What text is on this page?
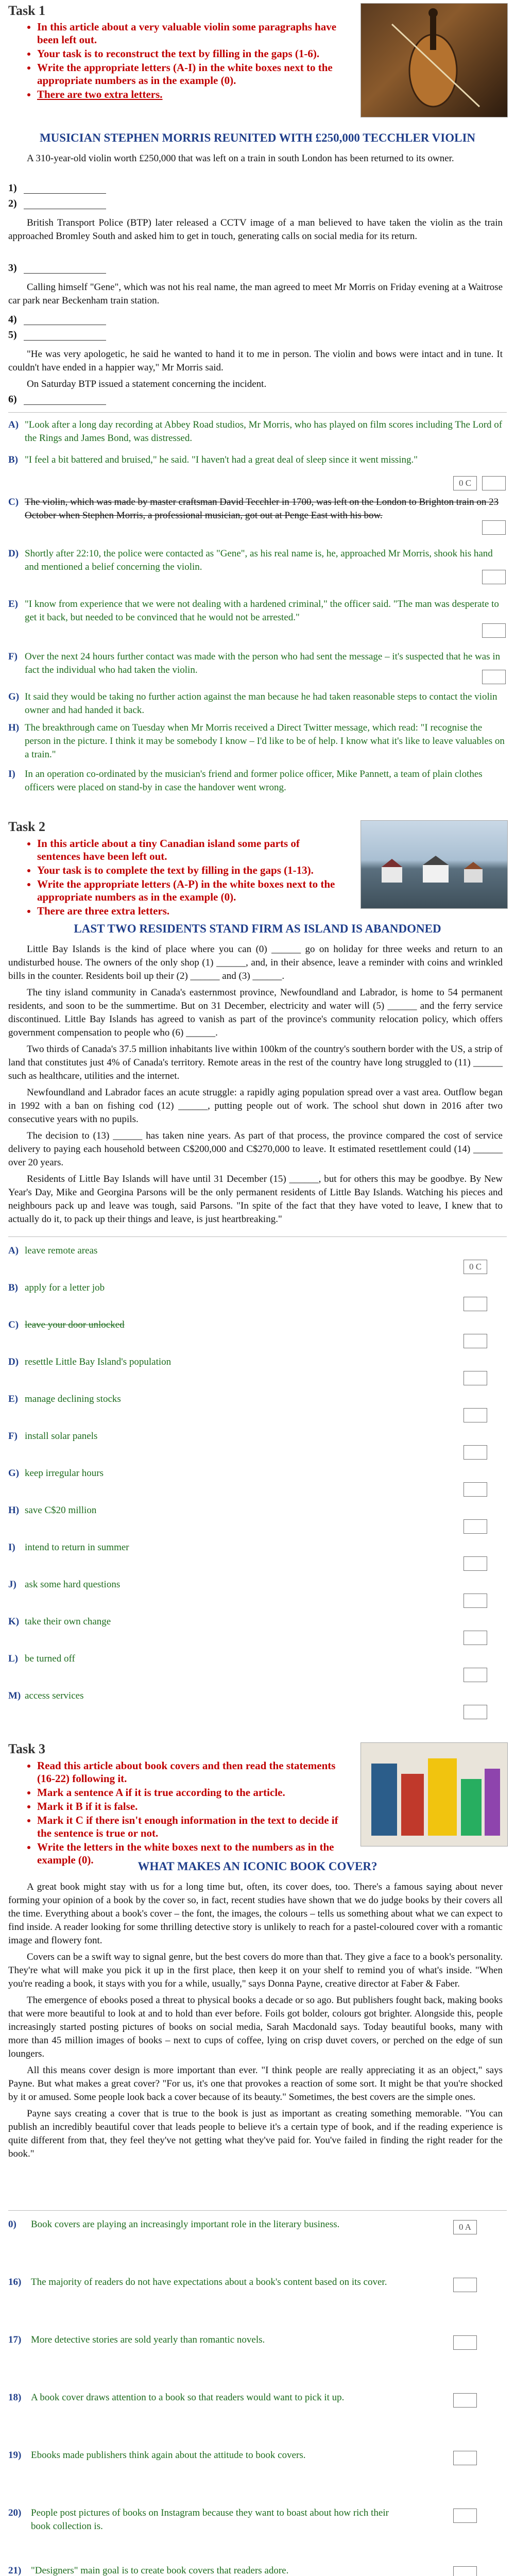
Task 1
• In this article about a very valuable violin some paragraphs have been left out.
• Your task is to reconstruct the text by filling in the gaps (1-6).
• Write the appropriate letters (A-I) in the white boxes next to the appropriate numbers as in the example (0).
• There are two extra letters.
MUSICIAN STEPHEN MORRIS REUNITED WITH £250,000 TECCHLER VIOLIN

A 310-year-old violin worth £250,000 that was left on a train in south London has been returned to its owner.

1)
2)

British Transport Police (BTP) later released a CCTV image of a man believed to have taken the violin as the train approached Bromley South and asked him to get in touch, generating calls on social media for its return.

3)

Calling himself "Gene", which was not his real name, the man agreed to meet Mr Morris on Friday evening at a Waitrose car park near Beckenham train station.

4)
5)

"He was very apologetic, he said he wanted to hand it to me in person. The violin and bows were intact and in tune. It couldn't have ended in a happier way," Mr Morris said.

On Saturday BTP issued a statement concerning the incident.

6)
A) "Look after a long day recording at Abbey Road studios, Mr Morris, who has played on film scores including The Lord of the Rings and James Bond, was distressed.
B) "I feel a bit battered and bruised," he said. "I haven't had a great deal of sleep since it went missing."
0 C
C) The violin, which was made by master craftsman David Tecchler in 1700, was left on the London to Brighton train on 23 October when Stephen Morris, a professional musician, got out at Penge East with his bow.
D) Shortly after 22:10, the police were contacted as "Gene", as his real name is, he, approached Mr Morris, shook his hand and mentioned a belief concerning the violin.
E) "I know from experience that we were not dealing with a hardened criminal," the officer said. "The man was desperate to get it back, but needed to be convinced that he would not be arrested."
F) Over the next 24 hours further contact was made with the person who had sent the message – it's suspected that he was in fact the individual who had taken the violin.
G) It said they would be taking no further action against the man because he had taken reasonable steps to contact the violin owner and had handed it back.
H) The breakthrough came on Tuesday when Mr Morris received a Direct Twitter message, which read: "I recognise the person in the picture. I think it may be somebody I know – I'd like to be of help. I know what it's like to leave valuables on a train."
I) In an operation co-ordinated by the musician's friend and former police officer, Mike Pannett, a team of plain clothes officers were placed on stand-by in case the handover went wrong.
Task 2
• In this article about a tiny Canadian island some parts of sentences have been left out.
• Your task is to complete the text by filling in the gaps (1-13).
• Write the appropriate letters (A-P) in the white boxes next to the appropriate numbers as in the example (0).
• There are three extra letters.
LAST TWO RESIDENTS STAND FIRM AS ISLAND IS ABANDONED

Little Bay Islands is the kind of place where you can (0) ______ go on holiday for three weeks and return to an undisturbed house. The owners of the only shop (1) ______, and, in their absence, leave a reminder with coins and wrinkled bills in the counter. Residents boil up their (2) ______ and (3) ______.

The tiny island community in Canada's easternmost province, Newfoundland and Labrador, is home to 54 permanent residents, and soon to be the summertime. But on 31 December, electricity and water will (5) ______ and the ferry service discontinued. Little Bay Islands has agreed to vanish as part of the province's community relocation policy, which offers government compensation to people who (6) ______.

Two thirds of Canada's 37.5 million inhabitants live within 100km of the country's southern border with the US, a strip of land that constitutes just 4% of Canada's territory. Remote areas in the rest of the country have long struggled to (11) ______ such as healthcare, utilities and the internet.

Newfoundland and Labrador faces an acute struggle: a rapidly aging population spread over a vast area. Outflow began in 1992 with a ban on fishing cod (12) ______, putting people out of work. The school shut down in 2016 after two consecutive years with no pupils.

The decision to (13) ______ has taken nine years. As part of that process, the province compared the cost of service delivery to paying each household between C$200,000 and C$270,000 to leave. It estimated resettlement could (14) ______ over 20 years.

Residents of Little Bay Islands will have until 31 December (15) ______, but for others this may be goodbye. By New Year's Day, Mike and Georgina Parsons will be the only permanent residents of Little Bay Islands. Watching his pieces and neighbours pack up and leave was tough, said Parsons. "In spite of the fact that they have voted to leave, I knew that to actually do it, to pack up their things and leave, is just heartbreaking."

A) leave remote areas
0 C
B) apply for a letter job
C) leave your door unlocked
D) resettle Little Bay Island's population
E) manage declining stocks
F) install solar panels
G) keep irregular hours
H) save C$20 million
I) intend to return in summer
J) ask some hard questions
K) take their own change
L) be turned off
M) access services
Task 3
• Read this article about book covers and then read the statements (16-22) following it.
• Mark a sentence A if it is true according to the article.
• Mark it B if it is false.
• Mark it C if there isn't enough information in the text to decide if the sentence is true or not.
• Write the letters in the white boxes next to the numbers as in the example (0).	WHAT MAKES AN ICONIC BOOK COVER?

A great book might stay with us for a long time but, often, its cover does, too. There's a famous saying about never forming your opinion of a book by the cover so, in fact, recent studies have shown that we do judge books by their covers all the time. Everything about a book's cover – the font, the images, the colours – tells us something about what we can expect to find inside. A reader looking for some thrilling detective story is unlikely to reach for a pastel-coloured cover with a romantic image and flowery font.

Covers can be a swift way to signal genre, but the best covers do more than that. They give a face to a book's personality. They're what will make you pick it up in the first place, then keep it on your shelf to remind you of what's inside. "When you're reading a book, it stays with you for a while, usually," says Donna Payne, creative director at Faber & Faber.

The emergence of ebooks posed a threat to physical books a decade or so ago. But publishers fought back, making books that were more beautiful to look at and to hold than ever before. Foils got bolder, colours got brighter. Alongside this, people increasingly started posting pictures of books on social media, Sarah Macdonald says. Today beautiful books, many with more than 45 million images of books – next to cups of coffee, lying on crisp duvet covers, or perched on the edge of sun loungers.

All this means cover design is more important than ever. "I think people are really appreciating it as an object," says Payne. But what makes a great cover? "For us, it's one that provokes a reaction of some sort. It might be that you're shocked by it or amused. Some people look back a cover because of its beauty." Sometimes, the best covers are the simple ones.

Payne says creating a cover that is true to the book is just as important as creating something memorable. "You can publish an incredibly beautiful cover that leads people to believe it's a certain type of book, and if the reading experience is quite different from that, they feel they've not getting what they've paid for. You've failed in finding the right reader for the book."

0)	Book covers are playing an increasingly important role in the literary business.	0 A
16) The majority of readers do not have expectations about a book's content based on its cover.
17) More detective stories are sold yearly than romantic novels.
18) A book cover draws attention to a book so that readers would want to pick it up.
19) Ebooks made publishers think again about the attitude to book covers.
20) People post pictures of books on Instagram because they want to boast about how rich their book collection is.
21) "Designers" main goal is to create book covers that readers adore.
